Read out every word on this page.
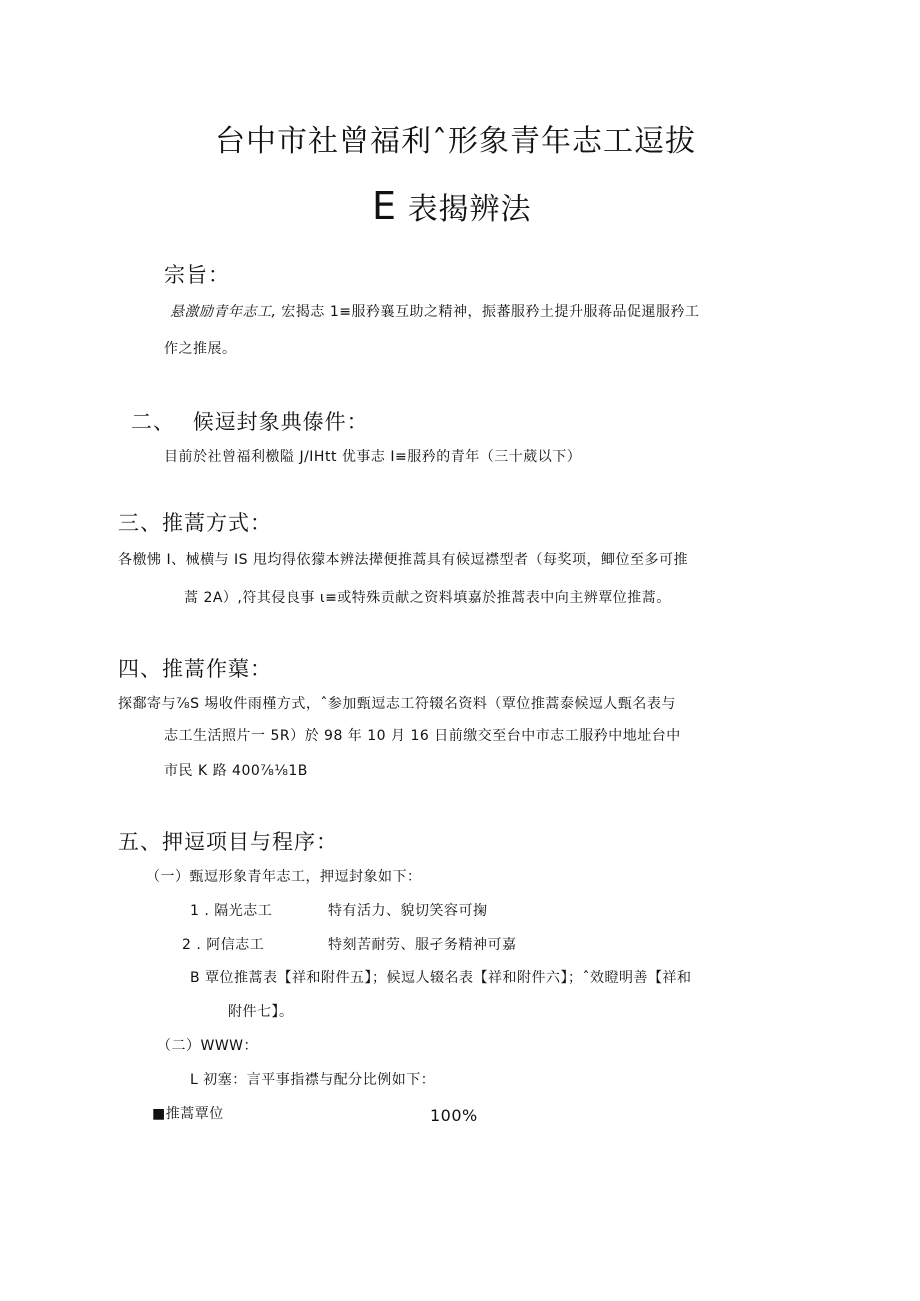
台中市社曾福利ˆ形象青年志工逗拔
E 表揭辨法
宗旨：
悬激励青年志工, 宏揭志 1≡服矜襄互助之精神，振蕃服矜土提升服蒋品促暹服矜工
作之推展。
二、 候逗封象典傣件：
目前於社曾福利檄隘 J/IHtt 优事志 I≡服矜的青年（三十葳以下）
三、推蒿方式：
各檄怫 I、械横与 IS 甩均得依獴本辨法撵便推蒿具有候逗襟型者（每奖项，鲫位至多可推
蒿 2A）,符其侵良事 ι≡或特殊贡献之资料填嘉於推蒿表中向主辨覃位推蒿。
四、推蒿作蕖：
探鄱寄与⅞S 埸收件雨槿方式，ˆ参加甄逗志工符辍名资料（覃位推蒿泰候逗人甄名表与
志工生活照片一 5R）於 98 年 10 月 16 日前缴交至台中市志工服矜中地址台中
市民 K 路 400⅞⅛1B
五、押逗项目与程序：
（一）甄逗形象青年志工，押逗封象如下：
1 . 隔光志工	特有活力、貌切笑容可掬
2 . 阿信志工	特刻苦耐劳、服孑务精神可嘉
B 覃位推蒿表【祥和附件五】；候逗人辍名表【祥和附件六】；ˆ效瞪明善【祥和
附件七】。
（二）WWW：
L 初塞：言平事指襟与配分比例如下：
■推蒿覃位	100%
